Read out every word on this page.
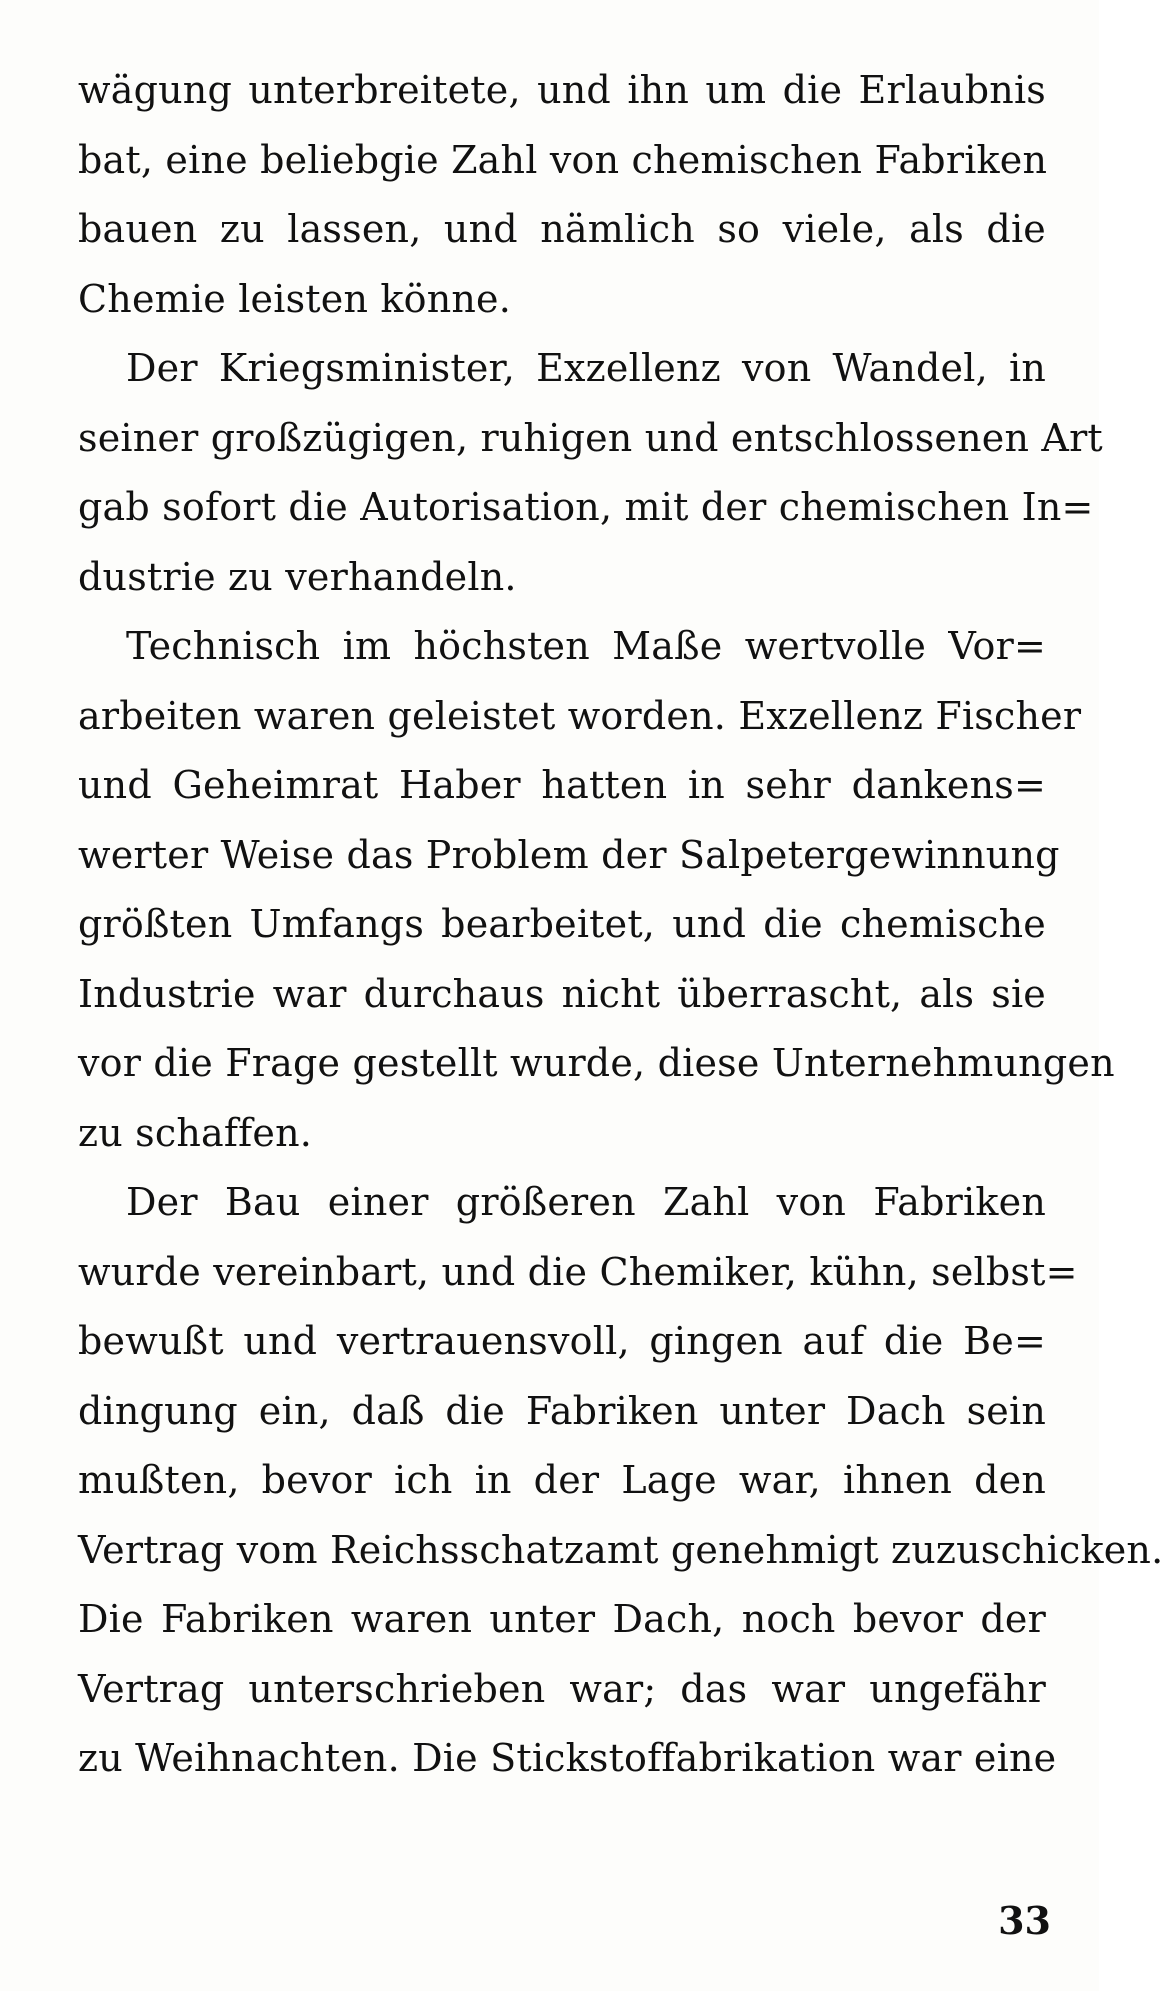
wägung unterbreitete, und ihn um die Erlaubnis
bat, eine beliebgie Zahl von chemischen Fabriken
bauen zu lassen, und nämlich so viele, als die
Chemie leisten könne.
Der Kriegsminister, Exzellenz von Wandel, in
seiner großzügigen, ruhigen und entschlossenen Art
gab sofort die Autorisation, mit der chemischen In=
dustrie zu verhandeln.
Technisch im höchsten Maße wertvolle Vor=
arbeiten waren geleistet worden. Exzellenz Fischer
und Geheimrat Haber hatten in sehr dankens=
werter Weise das Problem der Salpetergewinnung
größten Umfangs bearbeitet, und die chemische
Industrie war durchaus nicht überrascht, als sie
vor die Frage gestellt wurde, diese Unternehmungen
zu schaffen.
Der Bau einer größeren Zahl von Fabriken
wurde vereinbart, und die Chemiker, kühn, selbst=
bewußt und vertrauensvoll, gingen auf die Be=
dingung ein, daß die Fabriken unter Dach sein
mußten, bevor ich in der Lage war, ihnen den
Vertrag vom Reichsschatzamt genehmigt zuzuschicken.
Die Fabriken waren unter Dach, noch bevor der
Vertrag unterschrieben war; das war ungefähr
zu Weihnachten. Die Stickstoffabrikation war eine
33
